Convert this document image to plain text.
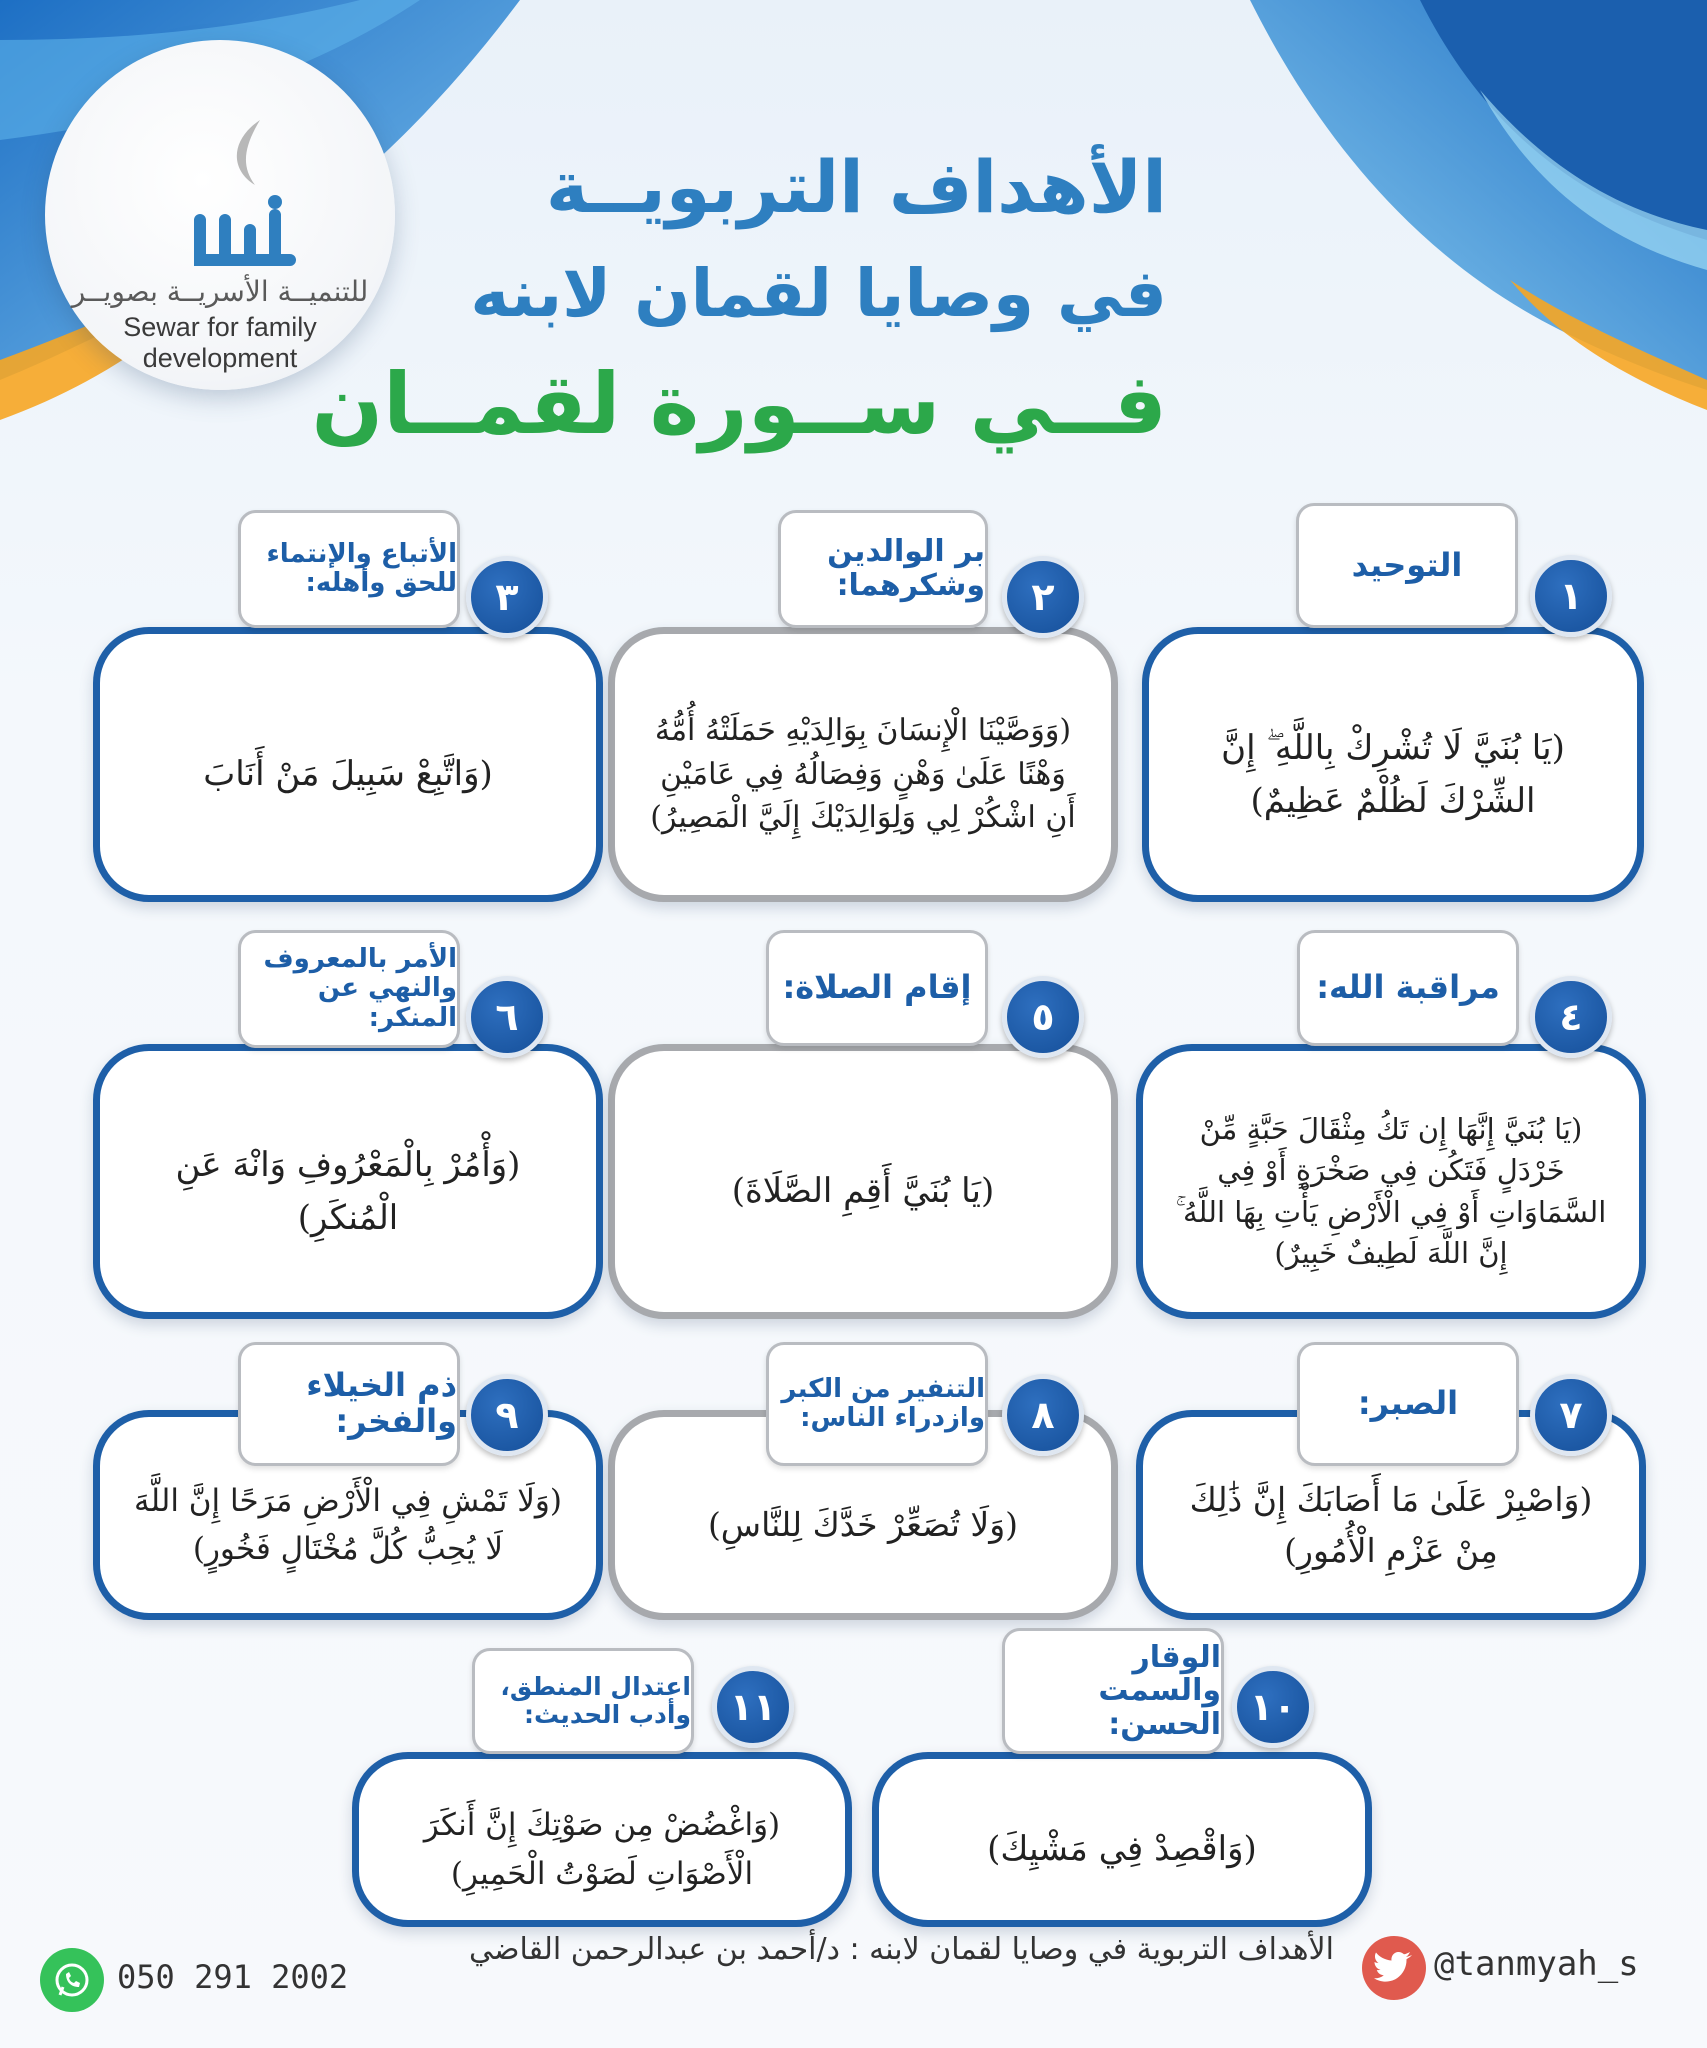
للتنميــة الأسريــة بصويــر
Sewar for family development
الأهداف التربويــة
في وصايا لقمان لابنه
فــي ســورة لقمــان
(يَا بُنَيَّ لَا تُشْرِكْ بِاللَّهِ ۖ إِنَّ الشِّرْكَ لَظُلْمٌ عَظِيمٌ)
التوحيد
١
(وَوَصَّيْنَا الْإِنسَانَ بِوَالِدَيْهِ حَمَلَتْهُ أُمُّهُ وَهْنًا عَلَىٰ وَهْنٍ وَفِصَالُهُ فِي عَامَيْنِ أَنِ اشْكُرْ لِي وَلِوَالِدَيْكَ إِلَيَّ الْمَصِيرُ)
بر الوالدين وشكرهما:	٢
(وَاتَّبِعْ سَبِيلَ مَنْ أَنَابَ
الأتباع والإنتماء للحق وأهله:	٣
(يَا بُنَيَّ إِنَّهَا إِن تَكُ مِثْقَالَ حَبَّةٍ مِّنْ خَرْدَلٍ فَتَكُن فِي صَخْرَةٍ أَوْ فِي السَّمَاوَاتِ أَوْ فِي الْأَرْضِ يَأْتِ بِهَا اللَّهُ ۚ إِنَّ اللَّهَ لَطِيفٌ خَبِيرٌ)
مراقبة الله:
٤
(يَا بُنَيَّ أَقِمِ الصَّلَاةَ)
إقام الصلاة:
٥
(وَأْمُرْ بِالْمَعْرُوفِ وَانْهَ عَنِ الْمُنكَرِ)
الأمر بالمعروف والنهي عن المنكر:	٦
(وَاصْبِرْ عَلَىٰ مَا أَصَابَكَ إِنَّ ذَٰلِكَ مِنْ عَزْمِ الْأُمُورِ)
الصبر:	٧
(وَلَا تُصَعِّرْ خَدَّكَ لِلنَّاسِ)
التنفير من الكبر وازدراء الناس:	٨
(وَلَا تَمْشِ فِي الْأَرْضِ مَرَحًا إِنَّ اللَّهَ لَا يُحِبُّ كُلَّ مُخْتَالٍ فَخُورٍ)
ذم الخيلاء والفخر:	٩
(وَاقْصِدْ فِي مَشْيِكَ)
الوقار والسمت الحسن: ١٠
(وَاغْضُضْ مِن صَوْتِكَ إِنَّ أَنكَرَ الْأَصْوَاتِ لَصَوْتُ الْحَمِيرِ)
اعتدال المنطق، وأدب الحديث:	١١
الأهداف التربوية في وصايا لقمان لابنه : د/أحمد بن عبدالرحمن القاضي
050 291 2002	@tanmyah_s
